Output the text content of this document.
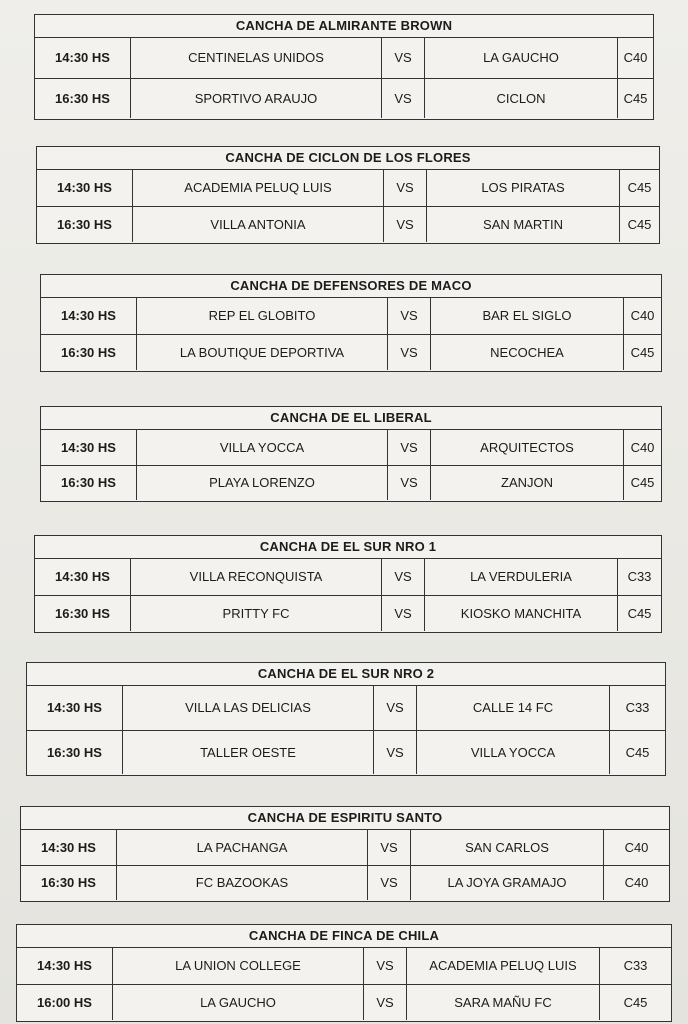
CANCHA DE ALMIRANTE BROWN
14:30 HS	CENTINELAS UNIDOS	VS	LA GAUCHO	C40
16:30 HS	SPORTIVO ARAUJO	VS	CICLON	C45
CANCHA DE CICLON DE LOS FLORES
14:30 HS	ACADEMIA PELUQ LUIS	VS	LOS PIRATAS	C45
16:30 HS	VILLA ANTONIA	VS	SAN MARTIN	C45
CANCHA DE DEFENSORES DE MACO
14:30 HS	REP EL GLOBITO	VS	BAR EL SIGLO	C40
16:30 HS	LA BOUTIQUE DEPORTIVA	VS	NECOCHEA	C45
CANCHA DE EL LIBERAL
14:30 HS	VILLA YOCCA	VS	ARQUITECTOS	C40
16:30 HS	PLAYA LORENZO	VS	ZANJON	C45
CANCHA DE EL SUR NRO 1
14:30 HS	VILLA RECONQUISTA	VS	LA VERDULERIA	C33
16:30 HS	PRITTY FC	VS	KIOSKO MANCHITA	C45
CANCHA DE EL SUR NRO 2
14:30 HS	VILLA LAS DELICIAS	VS	CALLE 14 FC	C33
16:30 HS	TALLER OESTE	VS	VILLA YOCCA	C45
CANCHA DE ESPIRITU SANTO
14:30 HS	LA PACHANGA	VS	SAN CARLOS	C40
16:30 HS	FC BAZOOKAS	VS	LA JOYA GRAMAJO	C40
CANCHA DE FINCA DE CHILA
14:30 HS	LA UNION COLLEGE	VS	ACADEMIA PELUQ LUIS	C33
16:00 HS	LA GAUCHO	VS	SARA MAÑU FC	C45
